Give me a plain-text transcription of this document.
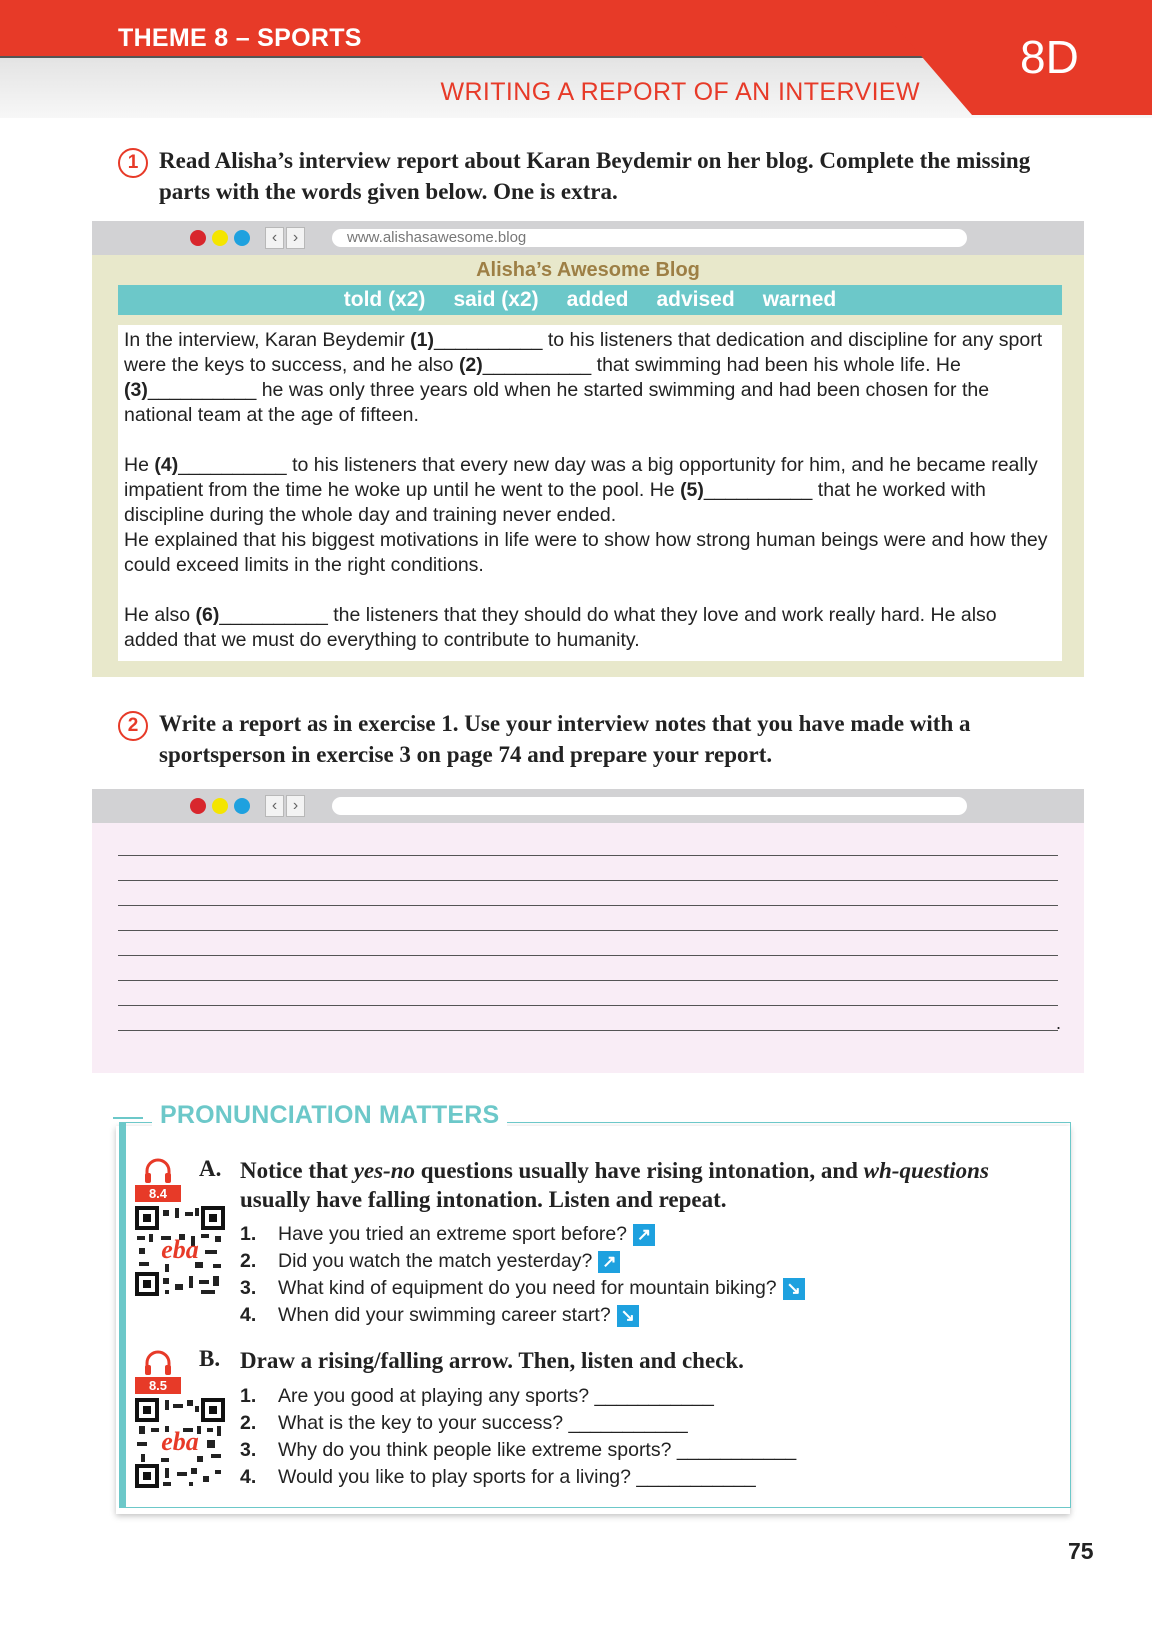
THEME 8 – SPORTS	8D
WRITING A REPORT OF AN INTERVIEW
1 Read Alisha’s interview report about Karan Beydemir on her blog. Complete the missing parts with the words given below. One is extra.
‹ ›	www.alishasawesome.blog
Alisha’s Awesome Blog
told (x2) said (x2) added advised warned

In the interview, Karan Beydemir (1)__________ to his listeners that dedication and discipline for any sport were the keys to success, and he also (2)__________ that swimming had been his whole life. He (3)__________ he was only three years old when he started swimming and had been chosen for the national team at the age of fifteen.

He (4)__________ to his listeners that every new day was a big opportunity for him, and he became really impatient from the time he woke up until he went to the pool. He (5)__________ that he worked with discipline during the whole day and training never ended.

He explained that his biggest motivations in life were to show how strong human beings were and how they could exceed limits in the right conditions.

He also (6)__________ the listeners that they should do what they love and work really hard. He also added that we must do everything to contribute to humanity.

2 Write a report as in exercise 1. Use your interview notes that you have made with a sportsperson in exercise 3 on page 74 and prepare your report.
‹ ›
.
PRONUNCIATION MATTERS
8.4
eba
A. Notice that yes-no questions usually have rising intonation, and wh-questions usually have falling intonation. Listen and repeat.
1. Have you tried an extreme sport before? ↗
2. Did you watch the match yesterday? ↗
3. What kind of equipment do you need for mountain biking? ↘
4. When did your swimming career start? ↘
8.5
eba
B. Draw a rising/falling arrow. Then, listen and check.
1. Are you good at playing any sports? ___________
2. What is the key to your success? ___________
3. Why do you think people like extreme sports? ___________
4. Would you like to play sports for a living? ___________
75
